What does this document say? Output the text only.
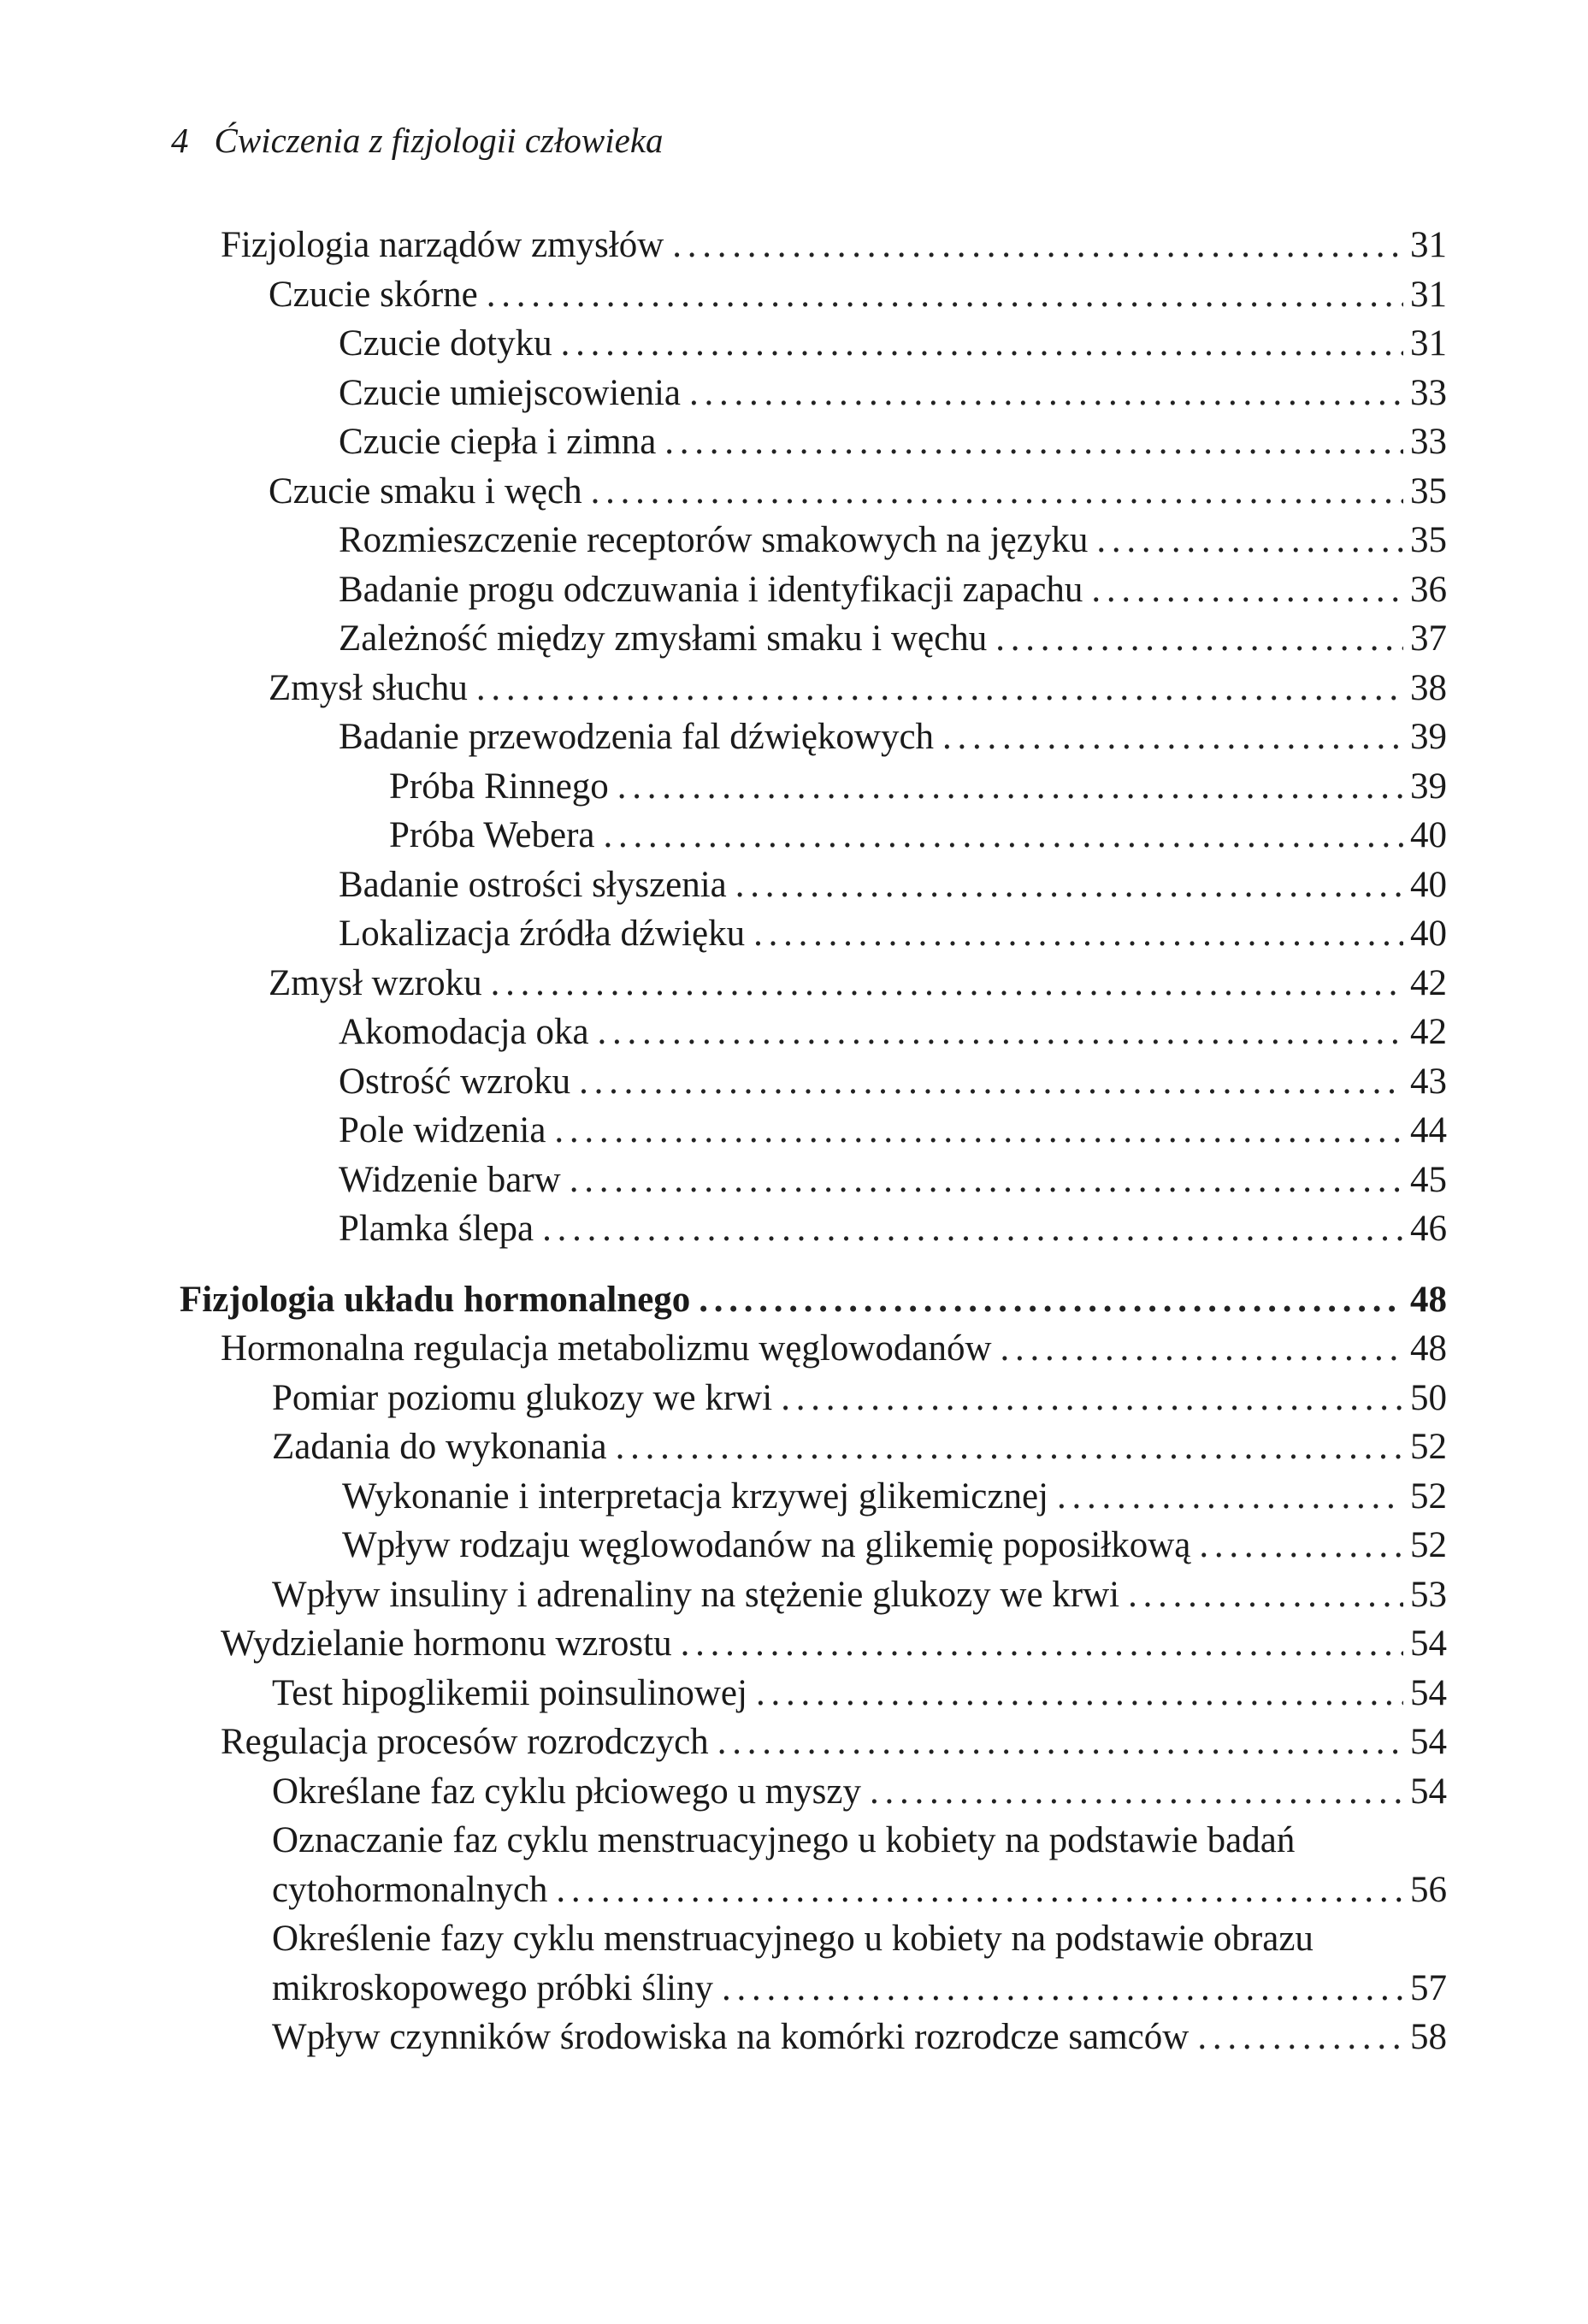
4 Ćwiczenia z fizjologii człowieka
Fizjologia narządów zmysłów . . .	31
Czucie skórne . . .	31
Czucie dotyku . . .	31
Czucie umiejscowienia . . .	33
Czucie ciepła i zimna . . .	33
Czucie smaku i węch . . .	35
Rozmieszczenie receptorów smakowych na języku . . .	35
Badanie progu odczuwania i identyfikacji zapachu . . .	36
Zależność między zmysłami smaku i węchu . . .	37
Zmysł słuchu . . .	38
Badanie przewodzenia fal dźwiękowych . . .	39
Próba Rinnego . . .	39
Próba Webera . . .	40
Badanie ostrości słyszenia . . .	40
Lokalizacja źródła dźwięku . . .	40
Zmysł wzroku . . .	42
Akomodacja oka . . .	42
Ostrość wzroku . . .	43
Pole widzenia . . .	44
Widzenie barw . . .	45
Plamka ślepa . . .	46
Fizjologia układu hormonalnego . . .	48
Hormonalna regulacja metabolizmu węglowodanów . . .	48
Pomiar poziomu glukozy we krwi . . .	50
Zadania do wykonania . . .	52
Wykonanie i interpretacja krzywej glikemicznej . . .	52
Wpływ rodzaju węglowodanów na glikemię poposiłkową . . .	52
Wpływ insuliny i adrenaliny na stężenie glukozy we krwi . . .	53
Wydzielanie hormonu wzrostu . . .	54
Test hipoglikemii poinsulinowej . . .	54
Regulacja procesów rozrodczych . . .	54
Określane faz cyklu płciowego u myszy . . .	54
Oznaczanie faz cyklu menstruacyjnego u kobiety na podstawie badań
cytohormonalnych . . .	56
Określenie fazy cyklu menstruacyjnego u kobiety na podstawie obrazu
mikroskopowego próbki śliny . . .	57
Wpływ czynników środowiska na komórki rozrodcze samców . . .	58
